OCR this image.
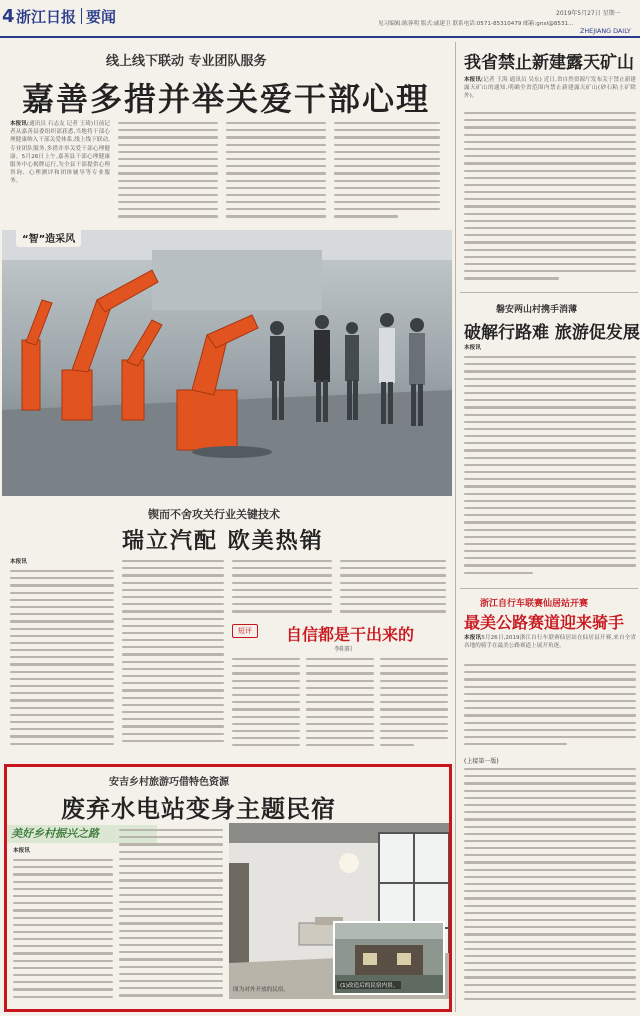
4 浙江日报 要闻	2019年5月27日 星期一
见习编辑:陈蓉明 版式:戚建卫 联系电话:0571-85310479 邮箱:gnxl@8531...
ZHEJIANG DAILY
线上线下联动 专业团队服务
嘉善多措并举关爱干部心理
本报讯(通讯员 石志友 记者 王琦)日前记者从嘉善县委组织部获悉,当地将干部心理健康纳入干部关爱体系,线上线下联动,专业团队服务,多措并举关爱干部心理健康。5月26日上午,嘉善县干部心理健康服务中心揭牌运行,为全县干部提供心理咨询、心理测评和团体辅导等专业服务。
“智”造采风
锲而不舍攻关行业关键技术
瑞立汽配 欧美热销
本报讯
短评	自信都是干出来的
李阳阳
安吉乡村旅游巧借特色资源
废弃水电站变身主题民宿
美好乡村振兴之路
本报讯
(1)改造后的民宿内景。
图为对外开放的民宿。
我省禁止新建露天矿山
本报讯(记者 王海 通讯员 吴东) 近日,省自然资源厅发布关于禁止新建露天矿山的通知,明确全省范围内禁止新建露天矿山(砂石粘土矿除外)。
磐安两山村携手消薄
破解行路难 旅游促发展
本报讯
浙江自行车联赛仙居站开赛
最美公路赛道迎来骑手
本报讯5月26日,2019浙江自行车联赛仙居站在仙居县开赛,来自全省各地的骑手在最美公路赛道上展开角逐。
(上接第一版)
